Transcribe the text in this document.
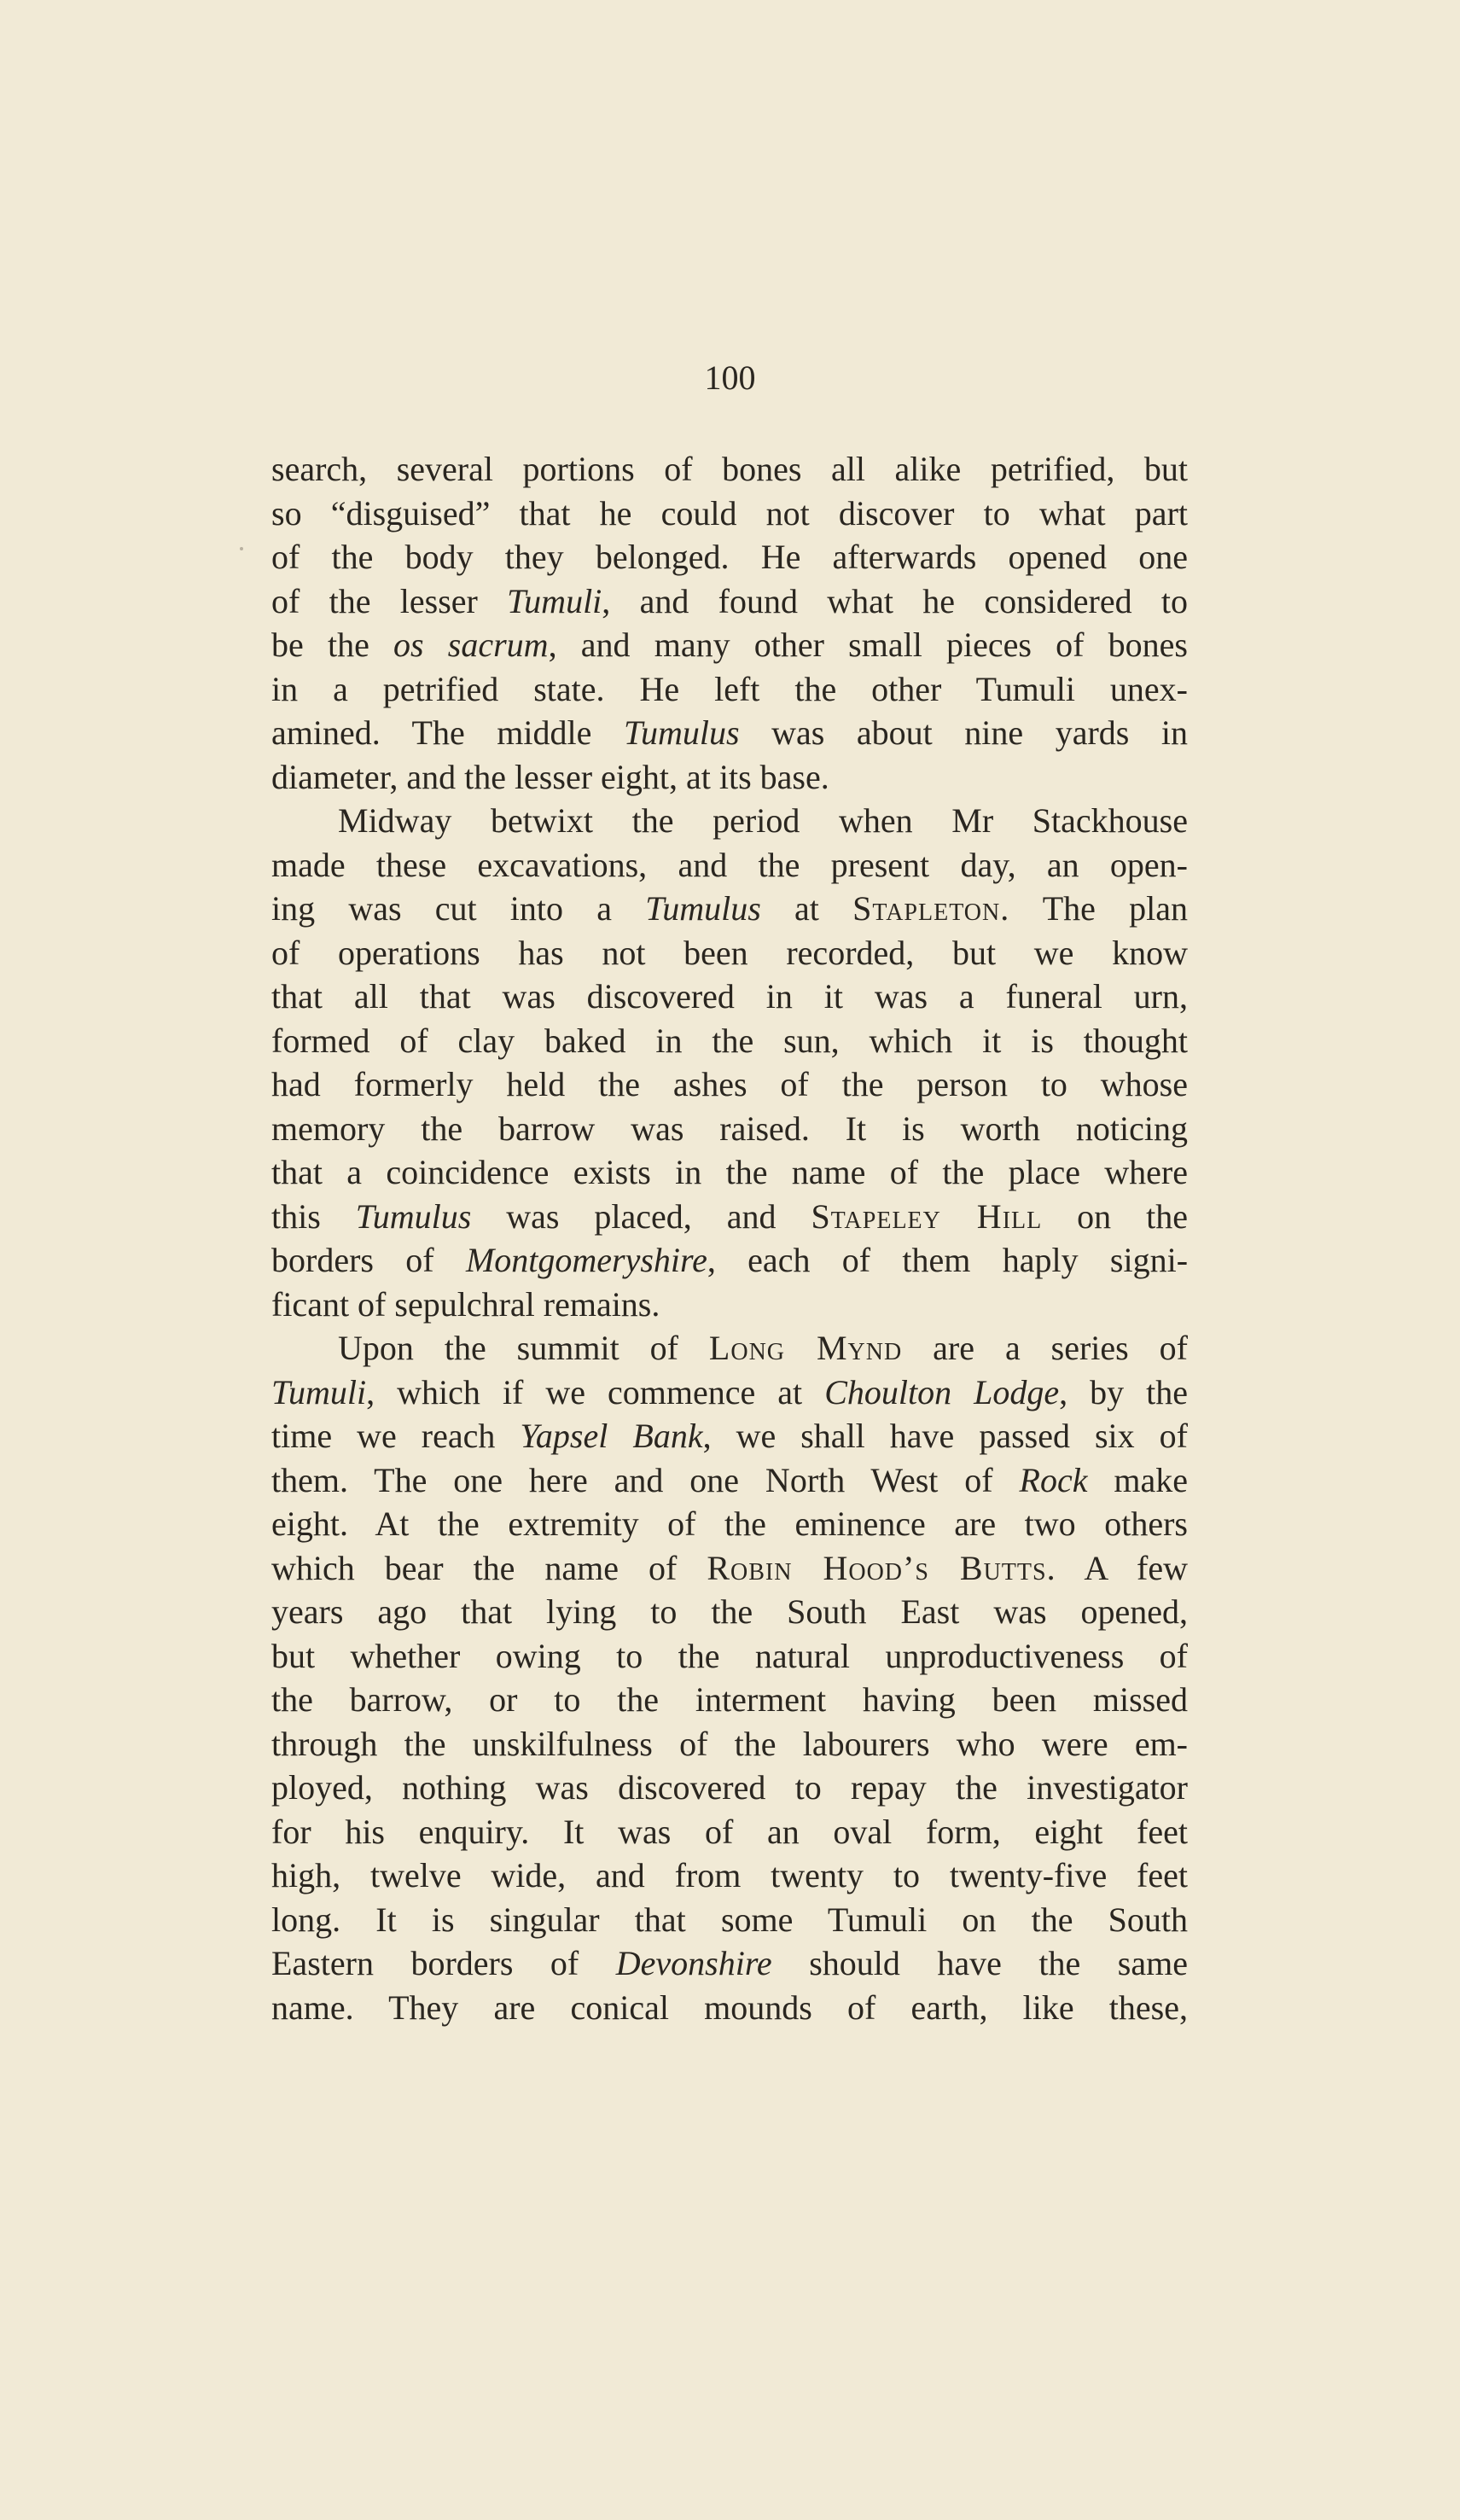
100
search, several portions of bones all alike petrified, but
so “disguised” that he could not discover to what part
of the body they belonged. He afterwards opened one
of the lesser Tumuli, and found what he considered to
be the os sacrum, and many other small pieces of bones
in a petrified state. He left the other Tumuli unex-
amined. The middle Tumulus was about nine yards in
diameter, and the lesser eight, at its base.
Midway betwixt the period when Mr Stackhouse
made these excavations, and the present day, an open-
ing was cut into a Tumulus at Stapleton. The plan
of operations has not been recorded, but we know
that all that was discovered in it was a funeral urn,
formed of clay baked in the sun, which it is thought
had formerly held the ashes of the person to whose
memory the barrow was raised. It is worth noticing
that a coincidence exists in the name of the place where
this Tumulus was placed, and Stapeley Hill on the
borders of Montgomeryshire, each of them haply signi-
ficant of sepulchral remains.
Upon the summit of Long Mynd are a series of
Tumuli, which if we commence at Choulton Lodge, by the
time we reach Yapsel Bank, we shall have passed six of
them. The one here and one North West of Rock make
eight. At the extremity of the eminence are two others
which bear the name of Robin Hood’s Butts. A few
years ago that lying to the South East was opened,
but whether owing to the natural unproductiveness of
the barrow, or to the interment having been missed
through the unskilfulness of the labourers who were em-
ployed, nothing was discovered to repay the investigator
for his enquiry. It was of an oval form, eight feet
high, twelve wide, and from twenty to twenty-five feet
long. It is singular that some Tumuli on the South
Eastern borders of Devonshire should have the same
name. They are conical mounds of earth, like these,
